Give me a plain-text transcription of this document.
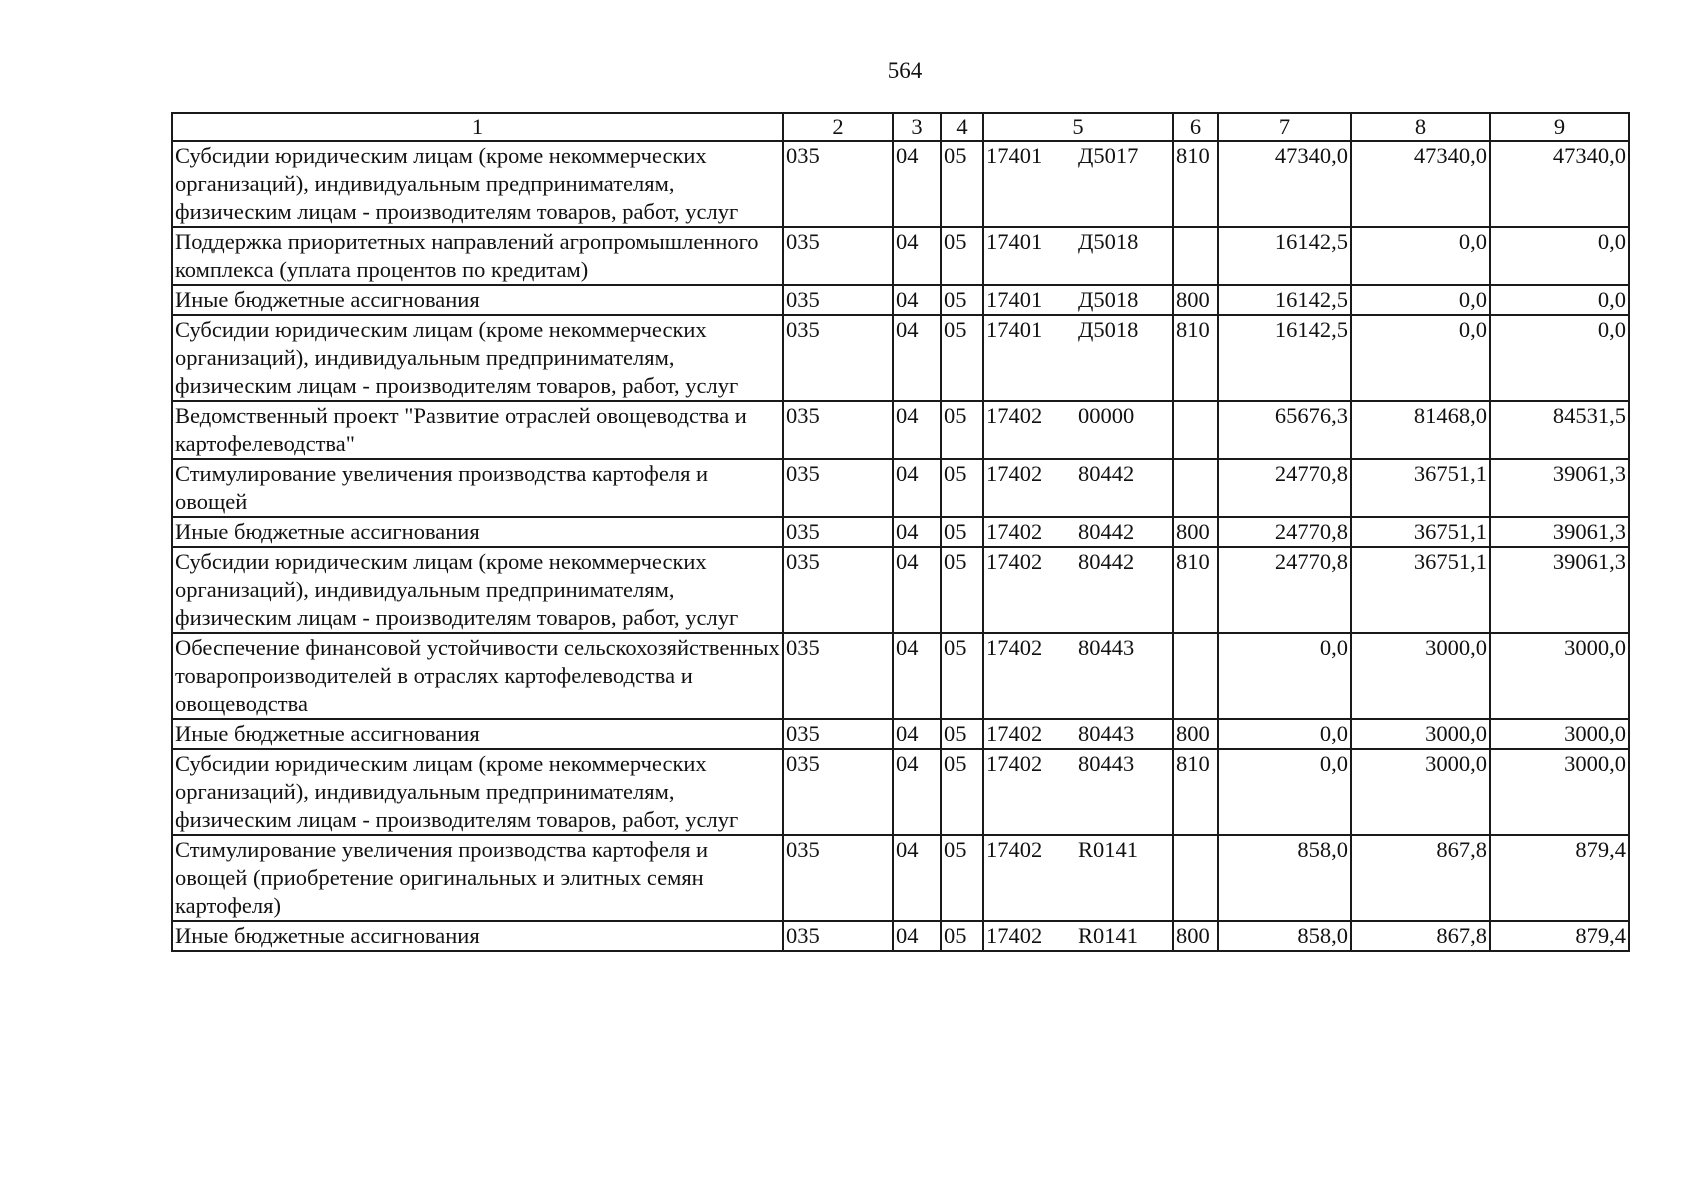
564
1	2	3	4	5	6	7	8	9
Субсидии юридическим лицам (кроме некоммерческих организаций), индивидуальным предпринимателям, физическим лицам - производителям товаров, работ, услуг	035	04	05	17401 Д5017	810	47340,0	47340,0	47340,0
Поддержка приоритетных направлений агропромышленного комплекса (уплата процентов по кредитам)	035	04	05	17401 Д5018		16142,5	0,0	0,0
Иные бюджетные ассигнования	035	04	05	17401 Д5018	800	16142,5	0,0	0,0
Субсидии юридическим лицам (кроме некоммерческих организаций), индивидуальным предпринимателям, физическим лицам - производителям товаров, работ, услуг	035	04	05	17401 Д5018	810	16142,5	0,0	0,0
Ведомственный проект "Развитие отраслей овощеводства и картофелеводства"	035	04	05	17402 00000		65676,3	81468,0	84531,5
Стимулирование увеличения производства картофеля и овощей	035	04	05	17402 80442		24770,8	36751,1	39061,3
Иные бюджетные ассигнования	035	04	05	17402 80442	800	24770,8	36751,1	39061,3
Субсидии юридическим лицам (кроме некоммерческих организаций), индивидуальным предпринимателям, физическим лицам - производителям товаров, работ, услуг	035	04	05	17402 80442	810	24770,8	36751,1	39061,3
Обеспечение финансовой устойчивости сельскохозяйственных товаропроизводителей в отраслях картофелеводства и овощеводства	035	04	05	17402 80443		0,0	3000,0	3000,0
Иные бюджетные ассигнования	035	04	05	17402 80443	800	0,0	3000,0	3000,0
Субсидии юридическим лицам (кроме некоммерческих организаций), индивидуальным предпринимателям, физическим лицам - производителям товаров, работ, услуг	035	04	05	17402 80443	810	0,0	3000,0	3000,0
Стимулирование увеличения производства картофеля и овощей (приобретение оригинальных и элитных семян картофеля)	035	04	05	17402 R0141		858,0	867,8	879,4
Иные бюджетные ассигнования	035	04	05	17402 R0141	800	858,0	867,8	879,4
